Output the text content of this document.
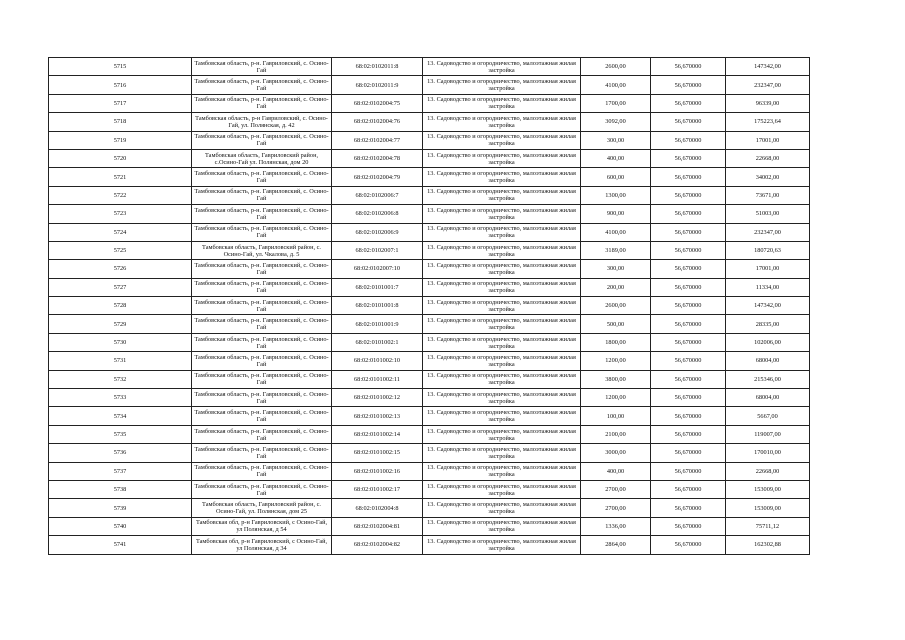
5715	Тамбовская область, р-н. Гавриловский, с. Осино-Гай	68:02:0102011:8	13. Садоводство и огородничество, малоэтажная жилая застройка	2600,00	56,670000	147342,00
5716	Тамбовская область, р-н. Гавриловский, с. Осино-Гай	68:02:0102011:9	13. Садоводство и огородничество, малоэтажная жилая застройка	4100,00	56,670000	232347,00
5717	Тамбовская область, р-н. Гавриловский, с. Осино-Гай	68:02:0102004:75	13. Садоводство и огородничество, малоэтажная жилая застройка	1700,00	56,670000	96339,00
5718	Тамбовская область, р-н Гавриловский, с. Осино-Гай, ул. Полянская, д. 42	68:02:0102004:76	13. Садоводство и огородничество, малоэтажная жилая застройка	3092,00	56,670000	175223,64
5719	Тамбовская область, р-н. Гавриловский, с. Осино-Гай	68:02:0102004:77	13. Садоводство и огородничество, малоэтажная жилая застройка	300,00	56,670000	17001,00
5720	Тамбовская область, Гавриловский район, с.Осино-Гай ул. Полянская, дом 20	68:02:0102004:78	13. Садоводство и огородничество, малоэтажная жилая застройка	400,00	56,670000	22668,00
5721	Тамбовская область, р-н. Гавриловский, с. Осино-Гай	68:02:0102004:79	13. Садоводство и огородничество, малоэтажная жилая застройка	600,00	56,670000	34002,00
5722	Тамбовская область, р-н. Гавриловский, с. Осино-Гай	68:02:0102006:7	13. Садоводство и огородничество, малоэтажная жилая застройка	1300,00	56,670000	73671,00
5723	Тамбовская область, р-н. Гавриловский, с. Осино-Гай	68:02:0102006:8	13. Садоводство и огородничество, малоэтажная жилая застройка	900,00	56,670000	51003,00
5724	Тамбовская область, р-н. Гавриловский, с. Осино-Гай	68:02:0102006:9	13. Садоводство и огородничество, малоэтажная жилая застройка	4100,00	56,670000	232347,00
5725	Тамбовская область, Гавриловский район, с. Осино-Гай, ул. Чкалова, д. 5	68:02:0102007:1	13. Садоводство и огородничество, малоэтажная жилая застройка	3189,00	56,670000	180720,63
5726	Тамбовская область, р-н. Гавриловский, с. Осино-Гай	68:02:0102007:10	13. Садоводство и огородничество, малоэтажная жилая застройка	300,00	56,670000	17001,00
5727	Тамбовская область, р-н. Гавриловский, с. Осино-Гай	68:02:0101001:7	13. Садоводство и огородничество, малоэтажная жилая застройка	200,00	56,670000	11334,00
5728	Тамбовская область, р-н. Гавриловский, с. Осино-Гай	68:02:0101001:8	13. Садоводство и огородничество, малоэтажная жилая застройка	2600,00	56,670000	147342,00
5729	Тамбовская область, р-н. Гавриловский, с. Осино-Гай	68:02:0101001:9	13. Садоводство и огородничество, малоэтажная жилая застройка	500,00	56,670000	28335,00
5730	Тамбовская область, р-н. Гавриловский, с. Осино-Гай	68:02:0101002:1	13. Садоводство и огородничество, малоэтажная жилая застройка	1800,00	56,670000	102006,00
5731	Тамбовская область, р-н. Гавриловский, с. Осино-Гай	68:02:0101002:10	13. Садоводство и огородничество, малоэтажная жилая застройка	1200,00	56,670000	68004,00
5732	Тамбовская область, р-н. Гавриловский, с. Осино-Гай	68:02:0101002:11	13. Садоводство и огородничество, малоэтажная жилая застройка	3800,00	56,670000	215346,00
5733	Тамбовская область, р-н. Гавриловский, с. Осино-Гай	68:02:0101002:12	13. Садоводство и огородничество, малоэтажная жилая застройка	1200,00	56,670000	68004,00
5734	Тамбовская область, р-н. Гавриловский, с. Осино-Гай	68:02:0101002:13	13. Садоводство и огородничество, малоэтажная жилая застройка	100,00	56,670000	5667,00
5735	Тамбовская область, р-н. Гавриловский, с. Осино-Гай	68:02:0101002:14	13. Садоводство и огородничество, малоэтажная жилая застройка	2100,00	56,670000	119007,00
5736	Тамбовская область, р-н. Гавриловский, с. Осино-Гай	68:02:0101002:15	13. Садоводство и огородничество, малоэтажная жилая застройка	3000,00	56,670000	170010,00
5737	Тамбовская область, р-н. Гавриловский, с. Осино-Гай	68:02:0101002:16	13. Садоводство и огородничество, малоэтажная жилая застройка	400,00	56,670000	22668,00
5738	Тамбовская область, р-н. Гавриловский, с. Осино-Гай	68:02:0101002:17	13. Садоводство и огородничество, малоэтажная жилая застройка	2700,00	56,670000	153009,00
5739	Тамбовская область, Гавриловский район, с. Осино-Гай, ул. Полянская, дом 25	68:02:0102004:8	13. Садоводство и огородничество, малоэтажная жилая застройка	2700,00	56,670000	153009,00
5740	Тамбовская обл, р-н Гавриловский, с Осино-Гай, ул Полянская, д 54	68:02:0102004:81	13. Садоводство и огородничество, малоэтажная жилая застройка	1336,00	56,670000	75711,12
5741	Тамбовская обл, р-н Гавриловский, с Осино-Гай, ул Полянская, д 34	68:02:0102004:82	13. Садоводство и огородничество, малоэтажная жилая застройка	2864,00	56,670000	162302,88
